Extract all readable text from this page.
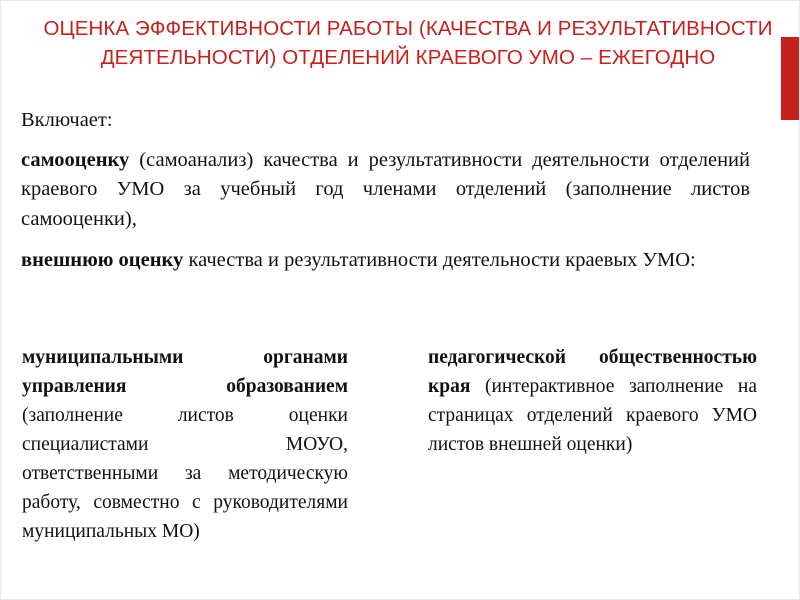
ОЦЕНКА ЭФФЕКТИВНОСТИ РАБОТЫ (КАЧЕСТВА И РЕЗУЛЬТАТИВНОСТИ ДЕЯТЕЛЬНОСТИ) ОТДЕЛЕНИЙ КРАЕВОГО УМО – ЕЖЕГОДНО

Включает:

самооценку (самоанализ) качества и результативности деятельности отделений краевого УМО за учебный год членами отделений (заполнение листов самооценки),

внешнюю оценку качества и результативности деятельности краевых УМО:

муниципальными органами управления образованием (заполнение листов оценки специалистами МОУО, ответственными за методическую работу, совместно с руководителями муниципальных МО)
педагогической общественностью края (интерактивное заполнение на страницах отделений краевого УМО листов внешней оценки)
